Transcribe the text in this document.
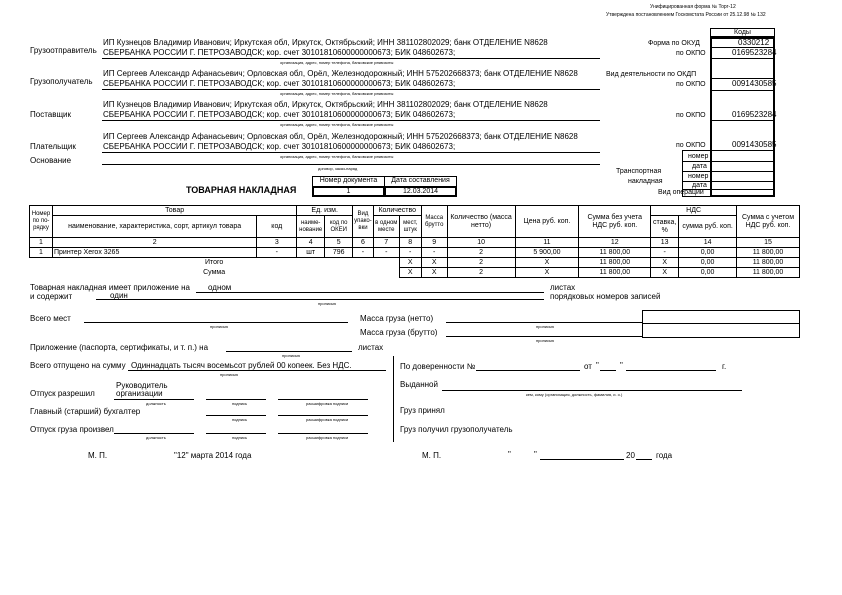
Унифицированная форма № Торг-12
Утверждена постановлением Госкомстата России от 25.12.98 № 132
Коды
Форма по ОКУД	0330212
по ОКПО	0169523284
Вид деятельности по ОКДП
по ОКПО	0091430585
по ОКПО	0169523284
по ОКПО	0091430585
номер
дата
Транспортная
накладная
номер
дата
Вид операции
Грузоотправитель
ИП Кузнецов Владимир Иванович; Иркутская обл, Иркутск, Октябрьский; ИНН 381102802029; банк ОТДЕЛЕНИЕ N8628
СБЕРБАНКА РОССИИ Г. ПЕТРОЗАВОДСК; кор. счет 30101810600000000673; БИК 048602673;
организация, адрес, номер телефона, банковские реквизиты
Грузополучатель
ИП Сергеев Александр Афанасьевич; Орловская обл, Орёл, Железнодорожный; ИНН 575202668373; банк ОТДЕЛЕНИЕ N8628
СБЕРБАНКА РОССИИ Г. ПЕТРОЗАВОДСК; кор. счет 30101810600000000673; БИК 048602673;
организация, адрес, номер телефона, банковские реквизиты
Поставщик
ИП Кузнецов Владимир Иванович; Иркутская обл, Иркутск, Октябрьский; ИНН 381102802029; банк ОТДЕЛЕНИЕ N8628
СБЕРБАНКА РОССИИ Г. ПЕТРОЗАВОДСК; кор. счет 30101810600000000673; БИК 048602673;
организация, адрес, номер телефона, банковские реквизиты
Плательщик
ИП Сергеев Александр Афанасьевич; Орловская обл, Орёл, Железнодорожный; ИНН 575202668373; банк ОТДЕЛЕНИЕ N8628
СБЕРБАНКА РОССИИ Г. ПЕТРОЗАВОДСК; кор. счет 30101810600000000673; БИК 048602673;
организация, адрес, номер телефона, банковские реквизиты
Основание
договор, заказ-наряд
ТОВАРНАЯ НАКЛАДНАЯ
Номер документа	Дата составления
1	12.03.2014
Номер по по-рядку	Товар		Ед. изм.		Вид упако-вки	Количество		Масса брутто	Количество (масса нетто)	Цена руб. коп.	Сумма без учета НДС руб. коп.	НДС		Сумма с учетом НДС руб. коп.
	наименование, характеристика, сорт, артикул товара	код	наиме-нование	код по ОКЕИ		в одном месте	мест, штук					ставка, %	сумма руб. коп.	
1	2	3	4	5	6	7	8	9	10	11	12	13	14	15
1	Принтер Xerox 3265	-	шт	796	-	-	-	-	2	5 900,00	11 800,00	-	0,00	11 800,00
Итого							X	X	2	X	11 800,00	X	0,00	11 800,00
Сумма							X	X	2	X	11 800,00	X	0,00	11 800,00
Товарная накладная имеет приложение на одном	листах
и содержит	один
прописью
порядковых номеров записей
Всего мест
прописью
Масса груза (нетто)
прописью
Масса груза (брутто)
прописью
Приложение (паспорта, сертификаты, и т. п.) на
прописью
листах
Всего отпущено на сумму Одиннадцать тысяч восемьсот рублей 00 копеек. Без НДС.
прописью
Отпуск разрешил
Руководитель организации
должность	подпись	расшифровка подписи
Главный (старший) бухгалтер
подпись	расшифровка подписи
Отпуск груза произвел
должность	подпись	расшифровка подписи
М. П.	"12" марта 2014 года
По доверенности №	от "	"	г.
Выданной
кем, кому (организация, должность, фамилия, и. о.)
Груз принял
Груз получил грузополучатель
М. П.	"	"	20	года
